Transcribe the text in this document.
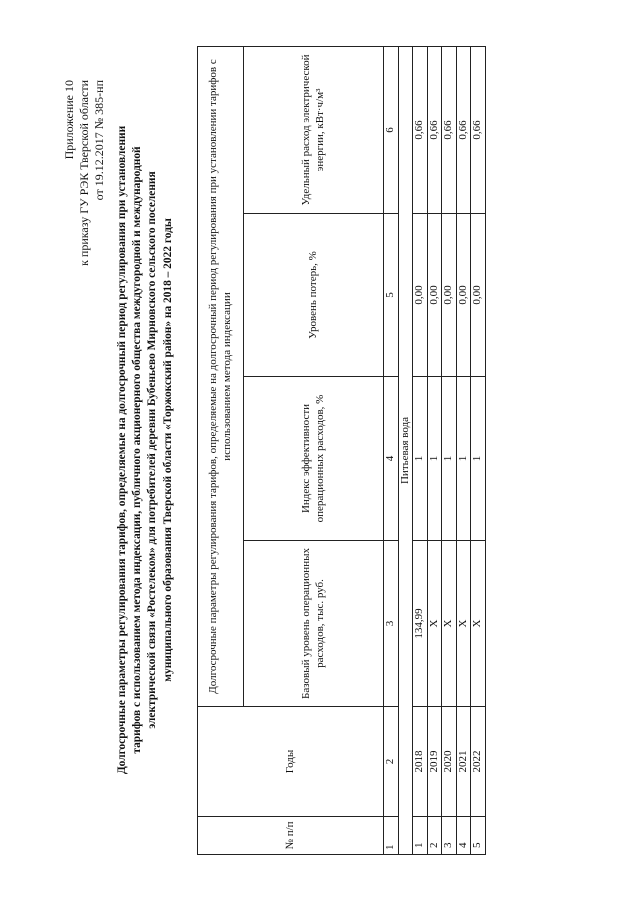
Приложение 10 к приказу ГУ РЭК Тверской области от 19.12.2017 № 385-нп Долгосрочные параметры регулирования тарифов, определяемые на долгосрочный период регулирования при установлении тарифов с использованием метода индексации, публичного акционерного общества междугородной и международной электрической связи «Ростелеком» для потребителей деревни Бубеньево Мирновского сельского поселения муниципального образования Тверской области «Торжокский район» на 2018 – 2022 годы
№ п/п	Годы	Долгосрочные параметры регулирования тарифов, определяемые на долгосрочный период регулирования при установлении тарифов с использованием метода индексации			
		Базовый уровень операционных расходов, тыс. руб.	Индекс эффективности операционных расходов, %	Уровень потерь, %	Удельный расход электрической энергии, кВт·ч/м³
1	2	3	4	5	6
Питьевая вода					
1	2018	134,99	1	0,00	0,66
2	2019	Х	1	0,00	0,66
3	2020	Х	1	0,00	0,66
4	2021	Х	1	0,00	0,66
5	2022	Х	1	0,00	0,66
